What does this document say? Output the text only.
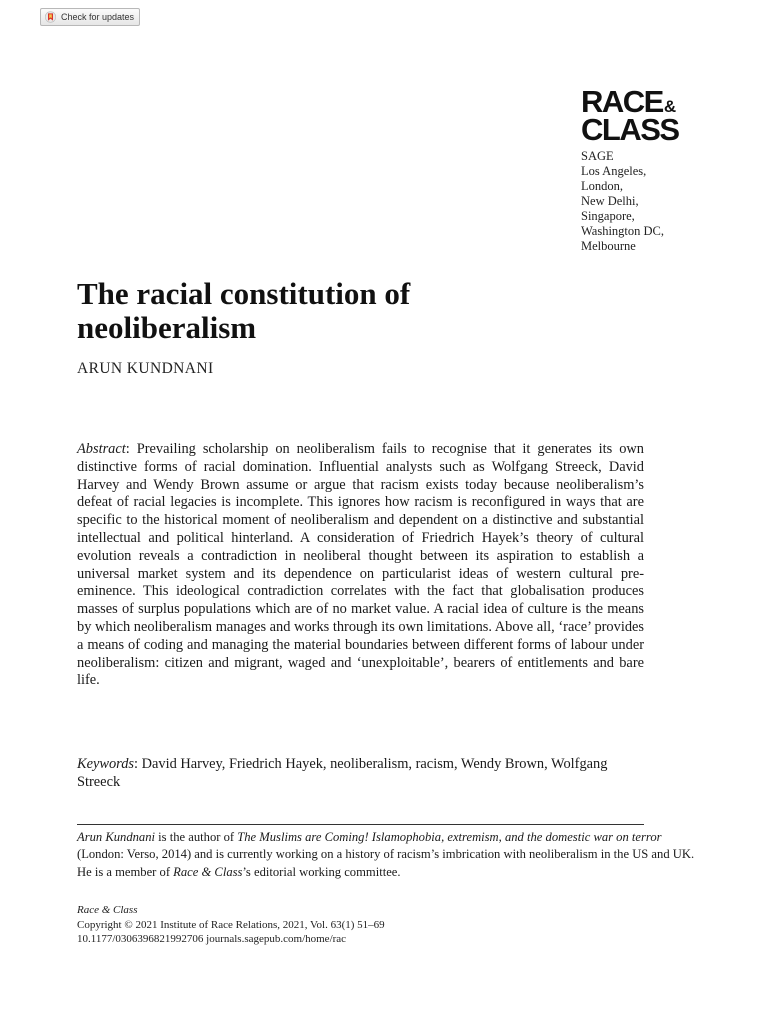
Check for updates
RACE&
CLASS
SAGE
Los Angeles,
London,
New Delhi,
Singapore,
Washington DC,
Melbourne
The racial constitution of neoliberalism
ARUN KUNDNANI

Abstract: Prevailing scholarship on neoliberalism fails to recognise that it generates its own distinctive forms of racial domination. Influential analysts such as Wolfgang Streeck, David Harvey and Wendy Brown assume or argue that racism exists today because neoliberalism’s defeat of racial legacies is incomplete. This ignores how racism is reconfigured in ways that are specific to the historical moment of neoliberalism and dependent on a distinctive and substantial intellectual and political hinterland. A consideration of Friedrich Hayek’s theory of cultural evolution reveals a contradiction in neoliberal thought between its aspiration to establish a universal market system and its dependence on particularist ideas of western cultural pre-eminence. This ideological contradiction correlates with the fact that globalisation produces masses of surplus populations which are of no market value. A racial idea of culture is the means by which neoliberalism manages and works through its own limitations. Above all, ‘race’ provides a means of coding and managing the material boundaries between different forms of labour under neoliberalism: citizen and migrant, waged and ‘unexploitable’, bearers of entitlements and bare life.

Keywords: David Harvey, Friedrich Hayek, neoliberalism, racism, Wendy Brown, Wolfgang Streeck

Arun Kundnani is the author of The Muslims are Coming! Islamophobia, extremism, and the domestic war on terror (London: Verso, 2014) and is currently working on a history of racism’s imbrication with neoliberalism in the US and UK. He is a member of Race & Class’s editorial working committee.

Race & Class
Copyright © 2021 Institute of Race Relations, 2021, Vol. 63(1) 51–69
10.1177/0306396821992706 journals.sagepub.com/home/rac
